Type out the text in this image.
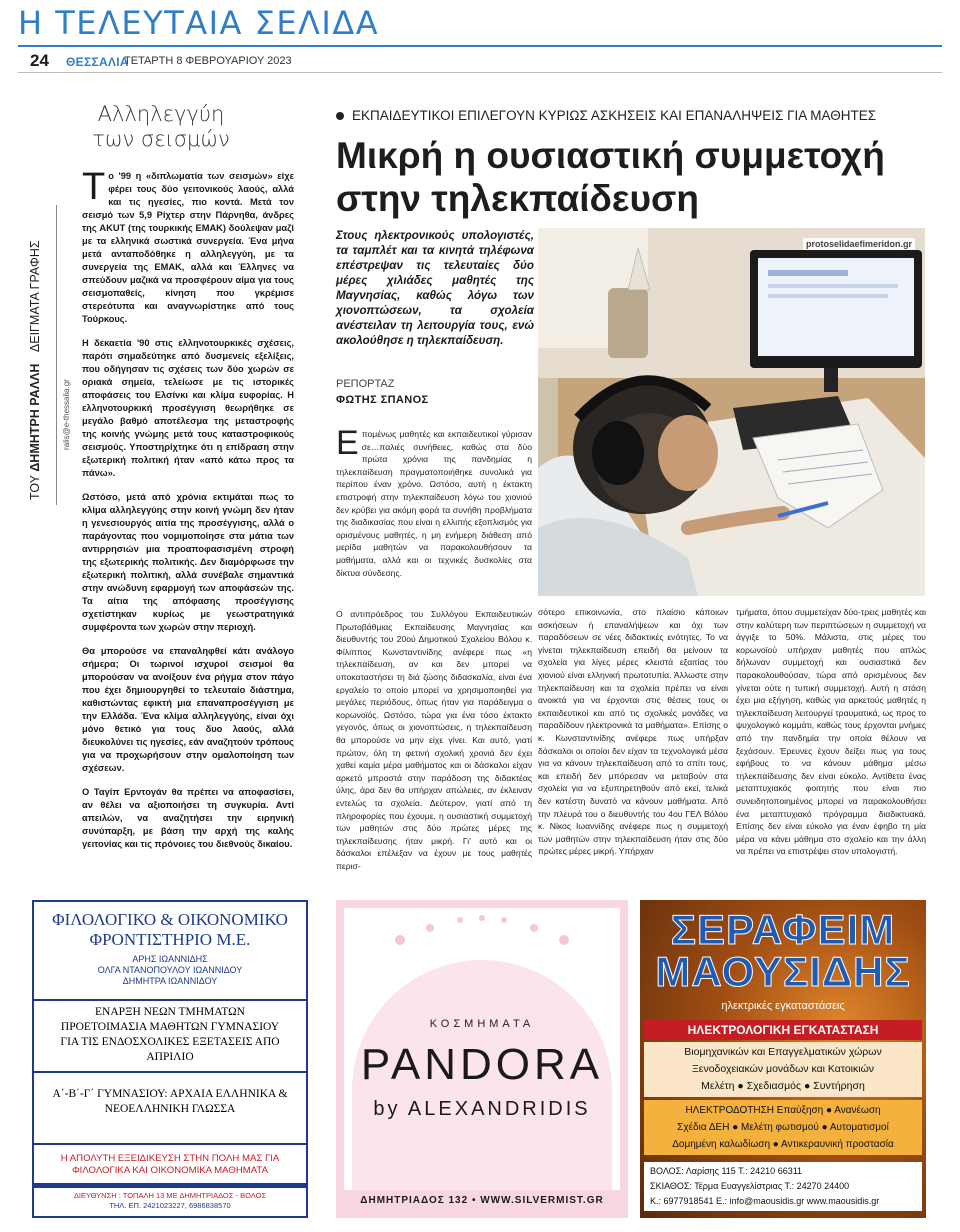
Η ΤΕΛΕΥΤΑΙΑ ΣΕΛΙΔΑ
24 ΘΕΣΣΑΛΙΑ
ΤΕΤΑΡΤΗ 8 ΦΕΒΡΟΥΑΡΙΟΥ 2023
Αλληλεγγύη των σεισμών
ΤΟΥ ΔΗΜΗΤΡΗ ΡΑΛΛΗ ΔΕΙΓΜΑΤΑ ΓΡΑΦΗΣ
ralis@e-thessalia.gr

Το '99 η «διπλωματία των σεισμών» είχε φέρει τους δύο γειτονικούς λαούς, αλλά και τις ηγεσίες, πιο κοντά. Μετά τον σεισμό των 5,9 Ρίχτερ στην Πάρνηθα, άνδρες της AKUT (της τουρκικής ΕΜΑΚ) δούλεψαν μαζί με τα ελληνικά σωστικά συνεργεία. Ένα μήνα μετά ανταποδόθηκε η αλληλεγγύη, με τα συνεργεία της ΕΜΑΚ, αλλά και Έλληνες να σπεύδουν μαζικά να προσφέρουν αίμα για τους σεισμοπαθείς, κίνηση που γκρέμισε στερεότυπα και αναγνωρίστηκε από τους Τούρκους.

Η δεκαετία '90 στις ελληνοτουρκικές σχέσεις, παρότι σημαδεύτηκε από δυσμενείς εξελίξεις, που οδήγησαν τις σχέσεις των δύο χωρών σε οριακά σημεία, τελείωσε με τις ιστορικές αποφάσεις του Ελσίνκι και κλίμα ευφορίας. Η ελληνοτουρκική προσέγγιση θεωρήθηκε σε μεγάλο βαθμό αποτέλεσμα της μεταστροφής της κοινής γνώμης μετά τους καταστροφικούς σεισμούς. Υποστηρίχτηκε ότι η επίδραση στην εξωτερική πολιτική ήταν «από κάτω προς τα πάνω».

Ωστόσο, μετά από χρόνια εκτιμάται πως το κλίμα αλληλεγγύης στην κοινή γνώμη δεν ήταν η γενεσιουργός αιτία της προσέγγισης, αλλά ο παράγοντας που νομιμοποίησε στα μάτια των αντιρρησιών μια προαποφασισμένη στροφή της εξωτερικής πολιτικής. Δεν διαμόρφωσε την εξωτερική πολιτική, αλλά συνέβαλε σημαντικά στην ανώδυνη εφαρμογή των αποφάσεών της. Τα αίτια της απόφασης προσέγγισης σχετίστηκαν κυρίως με γεωστρατηγικά συμφέροντα των χωρών στην περιοχή.

Θα μπορούσε να επαναληφθεί κάτι ανάλογο σήμερα; Οι τωρινοί ισχυροί σεισμοί θα μπορούσαν να ανοίξουν ένα ρήγμα στον πάγο που έχει δημιουργηθεί το τελευταίο διάστημα, καθιστώντας εφικτή μια επαναπροσέγγιση με την Ελλάδα. Ένα κλίμα αλληλεγγύης, είναι όχι μόνο θετικό για τους δυο λαούς, αλλά διευκολύνει τις ηγεσίες, εάν αναζητούν τρόπους για να προχωρήσουν στην ομαλοποίηση των σχέσεων.

Ο Ταγίπ Ερντογάν θα πρέπει να αποφασίσει, αν θέλει να αξιοποιήσει τη συγκυρία. Αντί απειλών, να αναζητήσει την ειρηνική συνύπαρξη, με βάση την αρχή της καλής γειτονίας και τις πρόνοιες του διεθνούς δικαίου.

ΕΚΠΑΙΔΕΥΤΙΚΟΙ ΕΠΙΛΕΓΟΥΝ ΚΥΡΙΩΣ ΑΣΚΗΣΕΙΣ ΚΑΙ ΕΠΑΝΑΛΗΨΕΙΣ ΓΙΑ ΜΑΘΗΤΕΣ
Μικρή η ουσιαστική συμμετοχή
στην τηλεκπαίδευση
Στους ηλεκτρονικούς υπολογιστές, τα ταμπλέτ και τα κινητά τηλέφωνα επέστρεψαν τις τελευταίες δύο μέρες χιλιάδες μαθητές της Μαγνησίας, καθώς λόγω των χιονοπτώσεων, τα σχολεία ανέστειλαν τη λειτουργία τους, ενώ ακολούθησε η τηλεκπαίδευση.
ΡΕΠΟΡΤΑΖ
ΦΩΤΗΣ ΣΠΑΝΟΣ
protoselidaefimeridon.gr
Επομένως μαθητές και εκπαιδευτικοί γύρισαν σε…παλιές συνήθειες, καθώς στα δύο πρώτα χρόνια της πανδημίας η τηλεκπαίδευση πραγματοποιήθηκε συνολικά για περίπου έναν χρόνο. Ωστόσο, αυτή η έκτακτη επιστροφή στην τηλεκπαίδευση λόγω του χιονιού δεν κρύβει για ακόμη φορά τα συνήθη προβλήματα της διαδικασίας που είναι η ελλιπής εξοπλισμός για ορισμένους μαθητές, η μη ενήμερη διάθεση από μερίδα μαθητών να παρακολουθήσουν τα μαθήματα, αλλά και οι τεχνικές δυσκολίες στα δίκτυα σύνδεσης.
Ο αντιπρόεδρος του Συλλόγου Εκπαιδευτικών Πρωτοβάθμιας Εκπαίδευσης Μαγνησίας και διευθυντής του 20ού Δημοτικού Σχολείου Βόλου κ. Φίλιππος Κωνσταντινίδης ανέφερε πως «η τηλεκπαίδευση, αν και δεν μπορεί να υποκαταστήσει τη διά ζώσης διδασκαλία, είναι ένα εργαλείο το οποίο μπορεί να χρησιμοποιηθεί για μεγάλες περιόδους, όπως ήταν για παράδειγμα ο κορωνοϊός. Ωστόσο, τώρα για ένα τόσο έκτακτο γεγονός, όπως οι χιονοπτώσεις, η τηλεκπαίδευση θα μπορούσε να μην είχε γίνει. Και αυτό, γιατί πρώτον, όλη τη φετινή σχολική χρονιά δεν έχει χαθεί καμία μέρα μαθήματος και οι δάσκαλοι είχαν αρκετό μπροστά στην παράδοση της διδακτέας ύλης, άρα δεν θα υπήρχαν απώλειες, αν έκλειναν εντελώς τα σχολεία. Δεύτερον, γιατί από τη πληροφορίες που έχουμε, η ουσιαστική συμμετοχή των μαθητών στις δύο πρώτες μέρες της τηλεκπαίδευσης ήταν μικρή. Γι' αυτό και οι δάσκαλοι επέλεξαν να έχουν με τους μαθητές περισ-
σότερο επικοινωνία, στο πλαίσιο κάποιων ασκήσεων ή επαναλήψεων και όχι των παραδόσεων σε νέες διδακτικές ενότητες. Το να γίνεται τηλεκπαίδευση επειδή θα μείνουν τα σχολεία για λίγες μέρες κλειστά εξαιτίας του χιονιού είναι ελληνική πρωτοτυπία. Άλλωστε στην τηλεκπαίδευση και τα σχολεία πρέπει να είναι ανοικτά για να έρχονται στις θέσεις τους οι εκπαιδευτικοί και από τις σχολικές μονάδες να παραδίδουν ηλεκτρονικά τα μαθήματα». Επίσης ο κ. Κωνσταντινίδης ανέφερε πως υπήρξαν δάσκαλοι οι οποίοι δεν είχαν τα τεχνολογικά μέσα για να κάνουν τηλεκπαίδευση από το σπίτι τους, και επειδή δεν μπόρεσαν να μεταβούν στα σχολεία για να εξυπηρετηθούν από εκεί, τελικά δεν κατέστη δυνατό να κάνουν μαθήματα. Από την πλευρά του ο διευθυντής του 4ου ΓΕΛ Βόλου κ. Νίκος Ιωαννίδης ανέφερε πως η συμμετοχή των μαθητών στην τηλεκπαίδευση ήταν στις δύο πρώτες μέρες μικρή. Υπήρχαν
τμήματα, όπου συμμετείχαν δύο-τρεις μαθητές και στην καλύτερη των περιπτώσεων η συμμετοχή να άγγιξε το 50%. Μάλιστα, στις μέρες του κορωνοϊού υπήρχαν μαθητές που απλώς δήλωναν συμμετοχή και ουσιαστικά δεν παρακολουθούσαν, τώρα από ορισμένους δεν γίνεται ούτε η τυπική συμμετοχή. Αυτή η στάση έχει μια εξήγηση, καθώς για αρκετούς μαθητές η τηλεκπαίδευση λειτουργεί τραυματικά, ως προς το ψυχολογικό κομμάτι, καθώς τους έρχονται μνήμες από την πανδημία την οποία θέλουν να ξεχάσουν. Έρευνες έχουν δείξει πως για τους εφήβους το να κάνουν μάθημα μέσω τηλεκπαίδευσης δεν είναι εύκολο. Αντίθετα ένας μεταπτυχιακός φοιτητής που είναι πιο συνειδητοποιημένος μπορεί να παρακολουθήσει ένα μεταπτυχιακό πρόγραμμα διαδικτυακά. Επίσης δεν είναι εύκολο για έναν έφηβο τη μία μέρα να κάνει μάθημα στο σχολείο και την άλλη να πρέπει να επιστρέψει στον υπολογιστή.
ΦΙΛΟΛΟΓΙΚΟ & ΟΙΚΟΝΟΜΙΚΟ
ΦΡΟΝΤΙΣΤΗΡΙΟ Μ.Ε.
ΑΡΗΣ ΙΩΑΝΝΙΔΗΣ
ΟΛΓΑ ΝΤΑΝΟΠΟΥΛΟΥ ΙΩΑΝΝΙΔΟΥ
ΔΗΜΗΤΡΑ ΙΩΑΝΝΙΔΟΥ
ΕΝΑΡΞΗ ΝΕΩΝ ΤΜΗΜΑΤΩΝ
ΠΡΟΕΤΟΙΜΑΣΙΑ ΜΑΘΗΤΩΝ ΓΥΜΝΑΣΙΟΥ
ΓΙΑ ΤΙΣ ΕΝΔΟΣΧΟΛΙΚΕΣ ΕΞΕΤΑΣΕΙΣ ΑΠΟ
ΑΠΡΙΛΙΟ
Α΄-Β΄-Γ΄ ΓΥΜΝΑΣΙΟΥ: ΑΡΧΑΙΑ ΕΛΛΗΝΙΚΑ &
ΝΕΟΕΛΛΗΝΙΚΗ ΓΛΩΣΣΑ
Η ΑΠΟΛΥΤΗ ΕΞΕΙΔΙΚΕΥΣΗ ΣΤΗΝ ΠΟΛΗ ΜΑΣ ΓΙΑ
ΦΙΛΟΛΟΓΙΚΑ ΚΑΙ ΟΙΚΟΝΟΜΙΚΑ ΜΑΘΗΜΑΤΑ
ΔΙΕΥΘΥΝΣΗ : ΤΟΠΑΛΗ 13 ΜΕ ΔΗΜΗΤΡΙΑΔΟΣ - ΒΟΛΟΣ
ΤΗΛ. ΕΠ. 2421023227, 6986838570
ΚΟΣΜΗΜΑΤΑ
PANDORA
by ALEXANDRIDIS
ΔΗΜΗΤΡΙΑΔΟΣ 132 • WWW.SILVERMIST.GR
ΣΕΡΑΦΕΙΜ
ΜΑΟΥΣΙΔΗΣ
ηλεκτρικές εγκαταστάσεις
ΗΛΕΚΤΡΟΛΟΓΙΚΗ ΕΓΚΑΤΑΣΤΑΣΗ
Βιομηχανικών και Επαγγελματικών χώρων
Ξενοδοχειακών μονάδων και Κατοικιών
Μελέτη ● Σχεδιασμός ● Συντήρηση
ΗΛΕΚΤΡΟΔΟΤΗΣΗ Επαύξηση ● Ανανέωση
Σχέδια ΔΕΗ ● Μελέτη φωτισμού ● Αυτοματισμοί
Δομημένη καλωδίωση ● Αντικεραυνική προστασία
ΒΟΛΟΣ: Λαρίσης 115 Τ.: 24210 66311
ΣΚΙΑΘΟΣ: Τέρμα Ευαγγελίστριας Τ.: 24270 24400
Κ.: 6977918541 Ε.: info@maousidis.gr www.maousidis.gr
